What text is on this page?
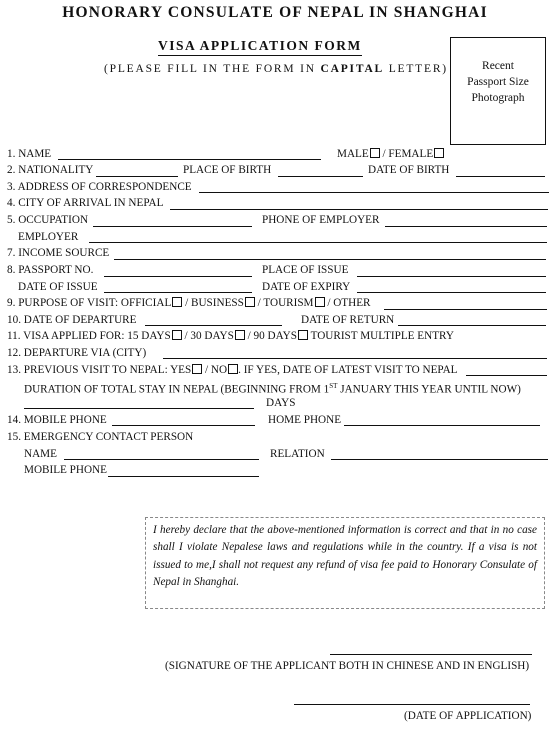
HONORARY CONSULATE OF NEPAL IN SHANGHAI
VISA APPLICATION FORM
(PLEASE FILL IN THE FORM IN CAPITAL LETTER)	Recent
Passport Size
Photograph
1. NAME	MALE / FEMALE
2. NATIONALITY	PLACE OF BIRTH	DATE OF BIRTH
3. ADDRESS OF CORRESPONDENCE
4. CITY OF ARRIVAL IN NEPAL
5. OCCUPATION	PHONE OF EMPLOYER
EMPLOYER
7. INCOME SOURCE
8. PASSPORT NO.	PLACE OF ISSUE
DATE OF ISSUE	DATE OF EXPIRY
9. PURPOSE OF VISIT: OFFICIAL / BUSINESS / TOURISM / OTHER
10. DATE OF DEPARTURE	DATE OF RETURN
11. VISA APPLIED FOR: 15 DAYS / 30 DAYS / 90 DAYS TOURIST MULTIPLE ENTRY
12. DEPARTURE VIA (CITY)
13. PREVIOUS VISIT TO NEPAL: YES / NO . IF YES, DATE OF LATEST VISIT TO NEPAL
DURATION OF TOTAL STAY IN NEPAL (BEGINNING FROM 1ST JANUARY THIS YEAR UNTIL NOW)
DAYS
14. MOBILE PHONE	HOME PHONE
15. EMERGENCY CONTACT PERSON
NAME	RELATION
MOBILE PHONE
I hereby declare that the above-mentioned information is correct and that in no case shall I violate Nepalese laws and regulations while in the country. If a visa is not issued to me,I shall not request any refund of visa fee paid to Honorary Consulate of Nepal in Shanghai.
(SIGNATURE OF THE APPLICANT BOTH IN CHINESE AND IN ENGLISH)
(DATE OF APPLICATION)
